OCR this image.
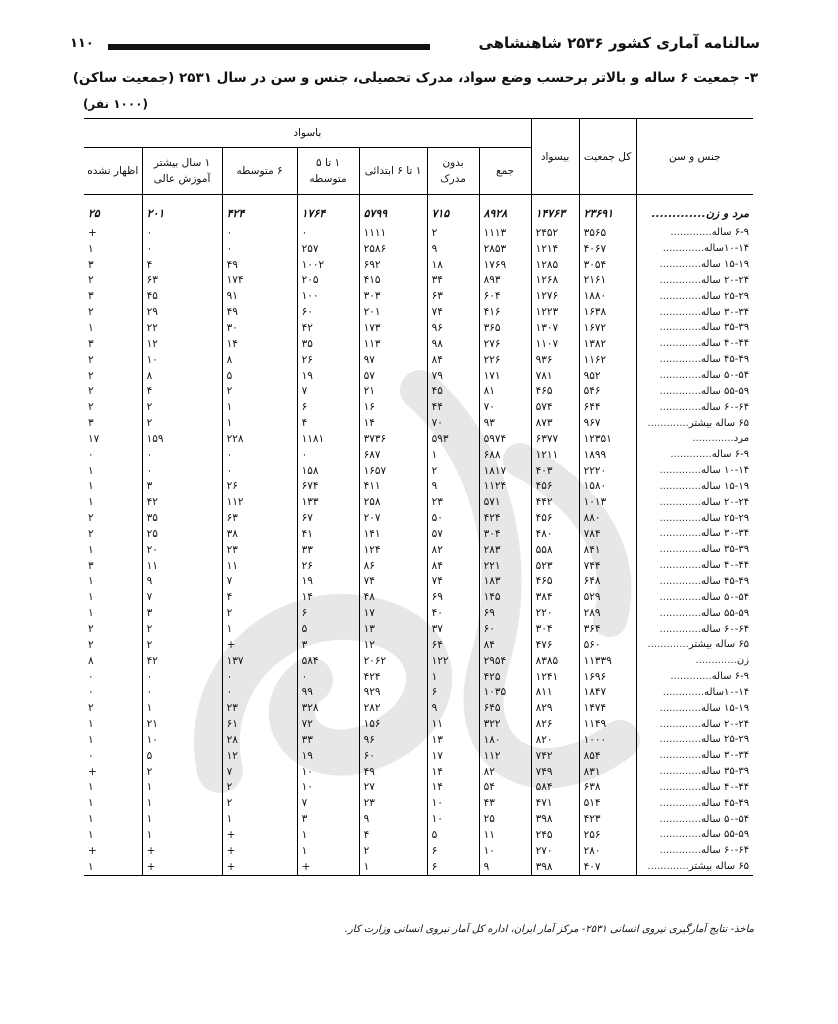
سالنامه آماری کشور ۲۵۳۶ شاهنشاهی
۱۱۰
۳- جمعیت ۶ ساله و بالاتر برحسب وضع سواد، مدرک تحصیلی، جنس و سن در سال ۲۵۳۱ (جمعیت ساکن)
(۱۰۰۰ نفر)
جنس و سن	کل جمعیت	بیسواد	باسواد						
			جمع	بدون مدرک	۱ تا ۶ ابتدائی	۱ تا ۵ متوسطه	۶ متوسطه	۱ سال بیشتر آموزش عالی	اظهار نشده
مرد و زن.............	۲۳۶۹۱	۱۴۷۶۳	۸۹۲۸	۷۱۵	۵۷۹۹	۱۷۶۴	۴۲۴	۲۰۱	۲۵
۶-۹ ساله.............	۳۵۶۵	۲۴۵۲	۱۱۱۳	۲	۱۱۱۱	۰	۰	۰	+
۱۰-۱۴ساله.............	۴۰۶۷	۱۲۱۴	۲۸۵۳	۹	۲۵۸۶	۲۵۷	۰	۰	۱
۱۵-۱۹ ساله.............	۳۰۵۴	۱۲۸۵	۱۷۶۹	۱۸	۶۹۲	۱۰۰۲	۴۹	۴	۳
۲۰-۲۴ ساله.............	۲۱۶۱	۱۲۶۸	۸۹۳	۳۴	۴۱۵	۲۰۵	۱۷۴	۶۳	۲
۲۵-۲۹ ساله.............	۱۸۸۰	۱۲۷۶	۶۰۴	۶۳	۳۰۳	۱۰۰	۹۱	۴۵	۳
۳۰-۳۴ ساله.............	۱۶۳۸	۱۲۲۳	۴۱۶	۷۴	۲۰۱	۶۰	۴۹	۲۹	۲
۳۵-۳۹ ساله.............	۱۶۷۲	۱۳۰۷	۳۶۵	۹۶	۱۷۳	۴۲	۳۰	۲۲	۱
۴۰-۴۴ ساله.............	۱۳۸۲	۱۱۰۷	۲۷۶	۹۸	۱۱۳	۳۵	۱۴	۱۲	۳
۴۵-۴۹ ساله.............	۱۱۶۲	۹۳۶	۲۲۶	۸۴	۹۷	۲۶	۸	۱۰	۲
۵۰-۵۴ ساله.............	۹۵۲	۷۸۱	۱۷۱	۷۹	۵۷	۱۹	۵	۸	۲
۵۵-۵۹ ساله.............	۵۴۶	۴۶۵	۸۱	۴۵	۲۱	۷	۲	۴	۲
۶۰-۶۴ ساله.............	۶۴۴	۵۷۴	۷۰	۴۴	۱۶	۶	۱	۲	۲
۶۵ ساله بیشتر.............	۹۶۷	۸۷۳	۹۳	۷۰	۱۴	۴	۱	۲	۳
مرد.............	۱۲۳۵۱	۶۳۷۷	۵۹۷۴	۵۹۳	۳۷۳۶	۱۱۸۱	۲۲۸	۱۵۹	۱۷
۶-۹ ساله.............	۱۸۹۹	۱۲۱۱	۶۸۸	۱	۶۸۷	۰	۰	۰	۰
۱۰-۱۴ ساله.............	۲۲۲۰	۴۰۳	۱۸۱۷	۲	۱۶۵۷	۱۵۸	۰	۰	۱
۱۵-۱۹ ساله.............	۱۵۸۰	۴۵۶	۱۱۲۴	۹	۴۱۱	۶۷۴	۲۶	۳	۱
۲۰-۲۴ ساله.............	۱۰۱۳	۴۴۲	۵۷۱	۲۳	۲۵۸	۱۳۳	۱۱۲	۴۲	۱
۲۵-۲۹ ساله.............	۸۸۰	۴۵۶	۴۲۴	۵۰	۲۰۷	۶۷	۶۳	۳۵	۲
۳۰-۳۴ ساله.............	۷۸۴	۴۸۰	۳۰۴	۵۷	۱۴۱	۴۱	۳۸	۲۵	۲
۳۵-۳۹ ساله.............	۸۴۱	۵۵۸	۲۸۳	۸۲	۱۲۴	۳۳	۲۳	۲۰	۱
۴۰-۴۴ ساله.............	۷۴۴	۵۲۳	۲۲۱	۸۴	۸۶	۲۶	۱۱	۱۱	۳
۴۵-۴۹ ساله.............	۶۴۸	۴۶۵	۱۸۳	۷۴	۷۴	۱۹	۷	۹	۱
۵۰-۵۴ ساله.............	۵۲۹	۳۸۴	۱۴۵	۶۹	۴۸	۱۴	۴	۷	۱
۵۵-۵۹ ساله.............	۲۸۹	۲۲۰	۶۹	۴۰	۱۷	۶	۲	۳	۱
۶۰-۶۴ ساله.............	۳۶۴	۳۰۴	۶۰	۳۷	۱۳	۵	۱	۲	۲
۶۵ ساله بیشتر.............	۵۶۰	۴۷۶	۸۴	۶۴	۱۲	۳	+	۲	۲
زن.............	۱۱۳۳۹	۸۳۸۵	۲۹۵۴	۱۲۲	۲۰۶۲	۵۸۴	۱۳۷	۴۲	۸
۶-۹ ساله.............	۱۶۹۶	۱۲۴۱	۴۲۵	۱	۴۲۴	۰	۰	۰	۰
۱۰-۱۴ساله.............	۱۸۴۷	۸۱۱	۱۰۳۵	۶	۹۲۹	۹۹	۰	۰	۰
۱۵-۱۹ ساله.............	۱۴۷۴	۸۲۹	۶۴۵	۹	۲۸۲	۳۲۸	۲۳	۱	۲
۲۰-۲۴ ساله.............	۱۱۴۹	۸۲۶	۳۲۲	۱۱	۱۵۶	۷۲	۶۱	۲۱	۱
۲۵-۲۹ ساله.............	۱۰۰۰	۸۲۰	۱۸۰	۱۳	۹۶	۳۳	۲۸	۱۰	۱
۳۰-۳۴ ساله.............	۸۵۴	۷۴۲	۱۱۲	۱۷	۶۰	۱۹	۱۲	۵	۰
۳۵-۳۹ ساله.............	۸۳۱	۷۴۹	۸۲	۱۴	۴۹	۱۰	۷	۲	+
۴۰-۴۴ ساله.............	۶۳۸	۵۸۴	۵۴	۱۴	۲۷	۱۰	۲	۱	۱
۴۵-۴۹ ساله.............	۵۱۴	۴۷۱	۴۳	۱۰	۲۳	۷	۲	۱	۱
۵۰-۵۴ ساله.............	۴۲۳	۳۹۸	۲۵	۱۰	۹	۳	۱	۱	۱
۵۵-۵۹ ساله.............	۲۵۶	۲۴۵	۱۱	۵	۴	۱	+	۱	۱
۶۰-۶۴ ساله.............	۲۸۰	۲۷۰	۱۰	۶	۲	۱	+	+	+
۶۵ ساله بیشتر.............	۴۰۷	۳۹۸	۹	۶	۱	+	+	+	۱
ماخذ- نتایج آمارگیری نیروی انسانی ۲۵۳۱- مرکز آمار ایران، اداره کل آمار نیروی انسانی وزارت کار.
